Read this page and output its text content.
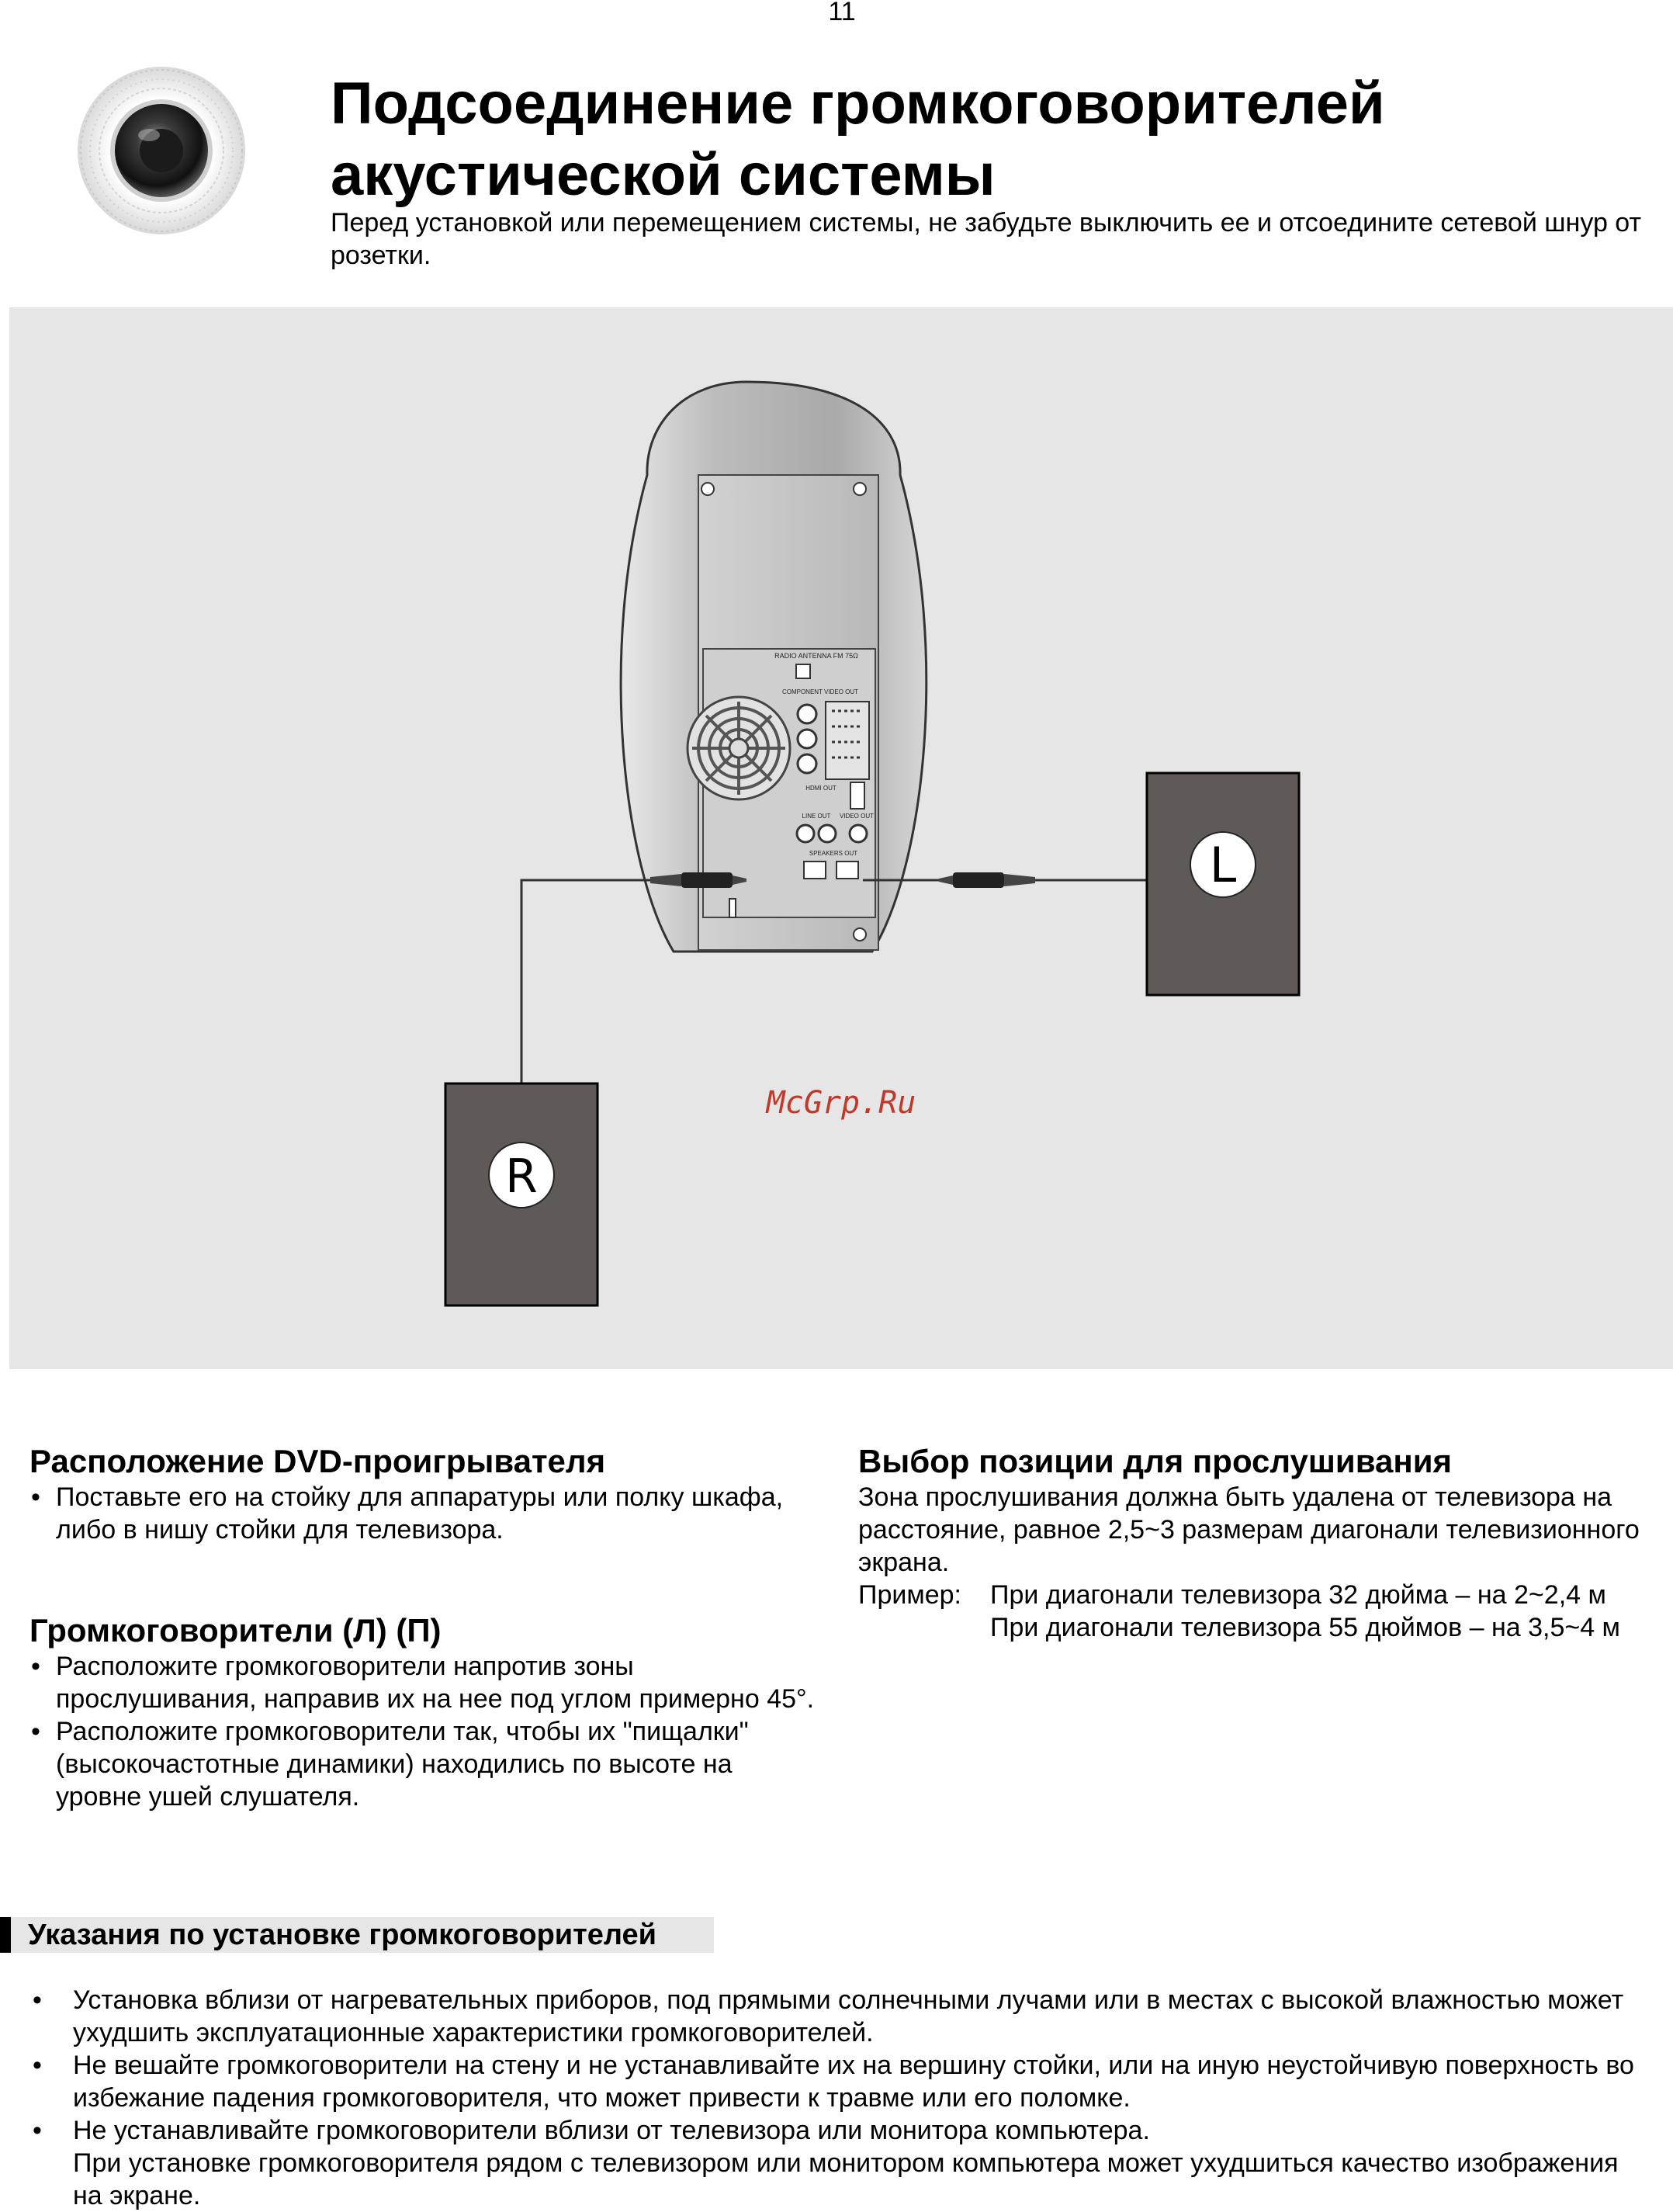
11
Подсоединение громкоговорителей
акустической системы
Перед установкой или перемещением системы, не забудьте выключить ее и отсоедините сетевой шнур от розетки.
RADIO ANTENNA FM 75Ω
COMPONENT VIDEO OUT
HDMI OUT
LINE OUT VIDEO OUT
SPEAKERS OUT	L
R
McGrp.Ru
Расположение DVD-проигрывателя
• Поставьте его на стойку для аппаратуры или полку шкафа, либо в нишу стойки для телевизора.
Громкоговорители (Л) (П)
• Расположите громкоговорители напротив зоны прослушивания, направив их на нее под углом примерно 45°.
• Расположите громкоговорители так, чтобы их "пищалки" (высокочастотные динамики) находились по высоте на уровне ушей слушателя.
Выбор позиции для прослушивания
Зона прослушивания должна быть удалена от телевизора на расстояние, равное 2,5~3 размерам диагонали телевизионного экрана.
Пример:	При диагонали телевизора 32 дюйма – на 2~2,4 м
При диагонали телевизора 55 дюймов – на 3,5~4 м
Указания по установке громкоговорителей
• Установка вблизи от нагревательных приборов, под прямыми солнечными лучами или в местах с высокой влажностью может ухудшить эксплуатационные характеристики громкоговорителей.
• Не вешайте громкоговорители на стену и не устанавливайте их на вершину стойки, или на иную неустойчивую поверхность во избежание падения громкоговорителя, что может привести к травме или его поломке.
• Не устанавливайте громкоговорители вблизи от телевизора или монитора компьютера.
При установке громкоговорителя рядом с телевизором или монитором компьютера может ухудшиться качество изображения на экране.
